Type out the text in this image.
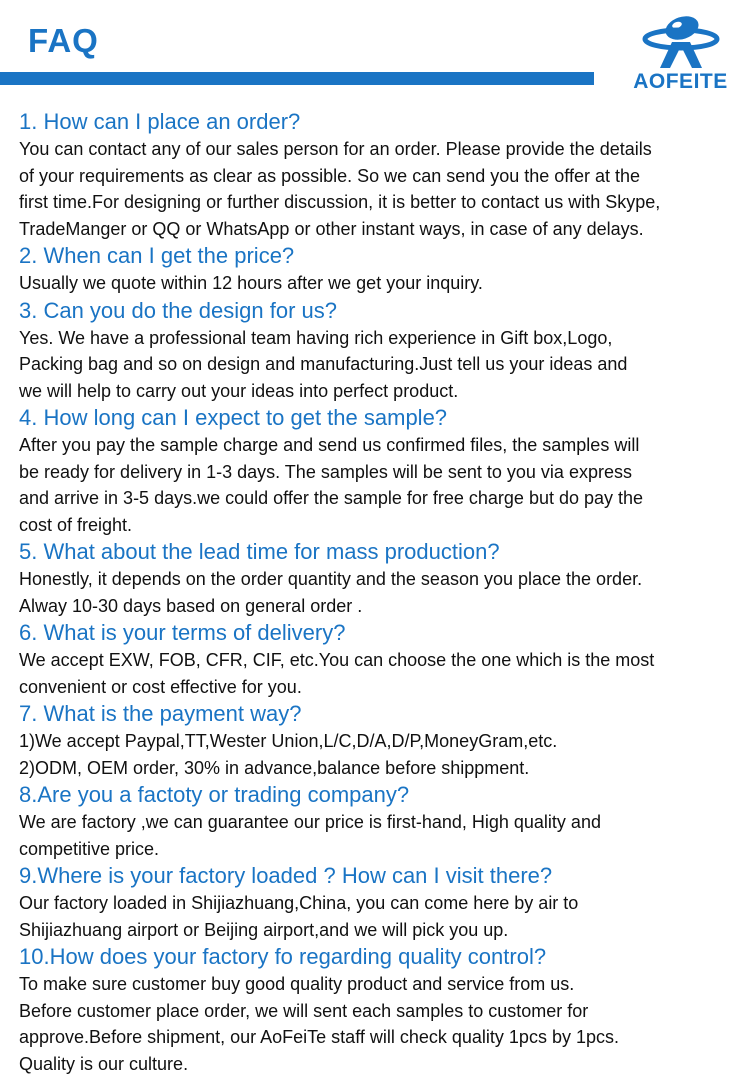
FAQ
AOFEITE
1. How can I place an order?
You can contact any of our sales person for an order. Please provide the details
of your requirements as clear as possible. So we can send you the offer at the
first time.For designing or further discussion, it is better to contact us with Skype,
TradeManger or QQ or WhatsApp or other instant ways, in case of any delays.
2. When can I get the price?
Usually we quote within 12 hours after we get your inquiry.
3. Can you do the design for us?
Yes. We have a professional team having rich experience in Gift box,Logo,
Packing bag and so on design and manufacturing.Just tell us your ideas and
we will help to carry out your ideas into perfect product.
4. How long can I expect to get the sample?
After you pay the sample charge and send us confirmed files, the samples will
be ready for delivery in 1-3 days. The samples will be sent to you via express
and arrive in 3-5 days.we could offer the sample for free charge but do pay the
cost of freight.
5. What about the lead time for mass production?
Honestly, it depends on the order quantity and the season you place the order.
Alway 10-30 days based on general order .
6. What is your terms of delivery?
We accept EXW, FOB, CFR, CIF, etc.You can choose the one which is the most
convenient or cost effective for you.
7. What is the payment way?
1)We accept Paypal,TT,Wester Union,L/C,D/A,D/P,MoneyGram,etc.
2)ODM, OEM order, 30% in advance,balance before shippment.
8.Are you a factoty or trading company?
We are factory ,we can guarantee our price is first-hand, High quality and
competitive price.
9.Where is your factory loaded ? How can I visit there?
Our factory loaded in Shijiazhuang,China, you can come here by air to
Shijiazhuang airport or Beijing airport,and we will pick you up.
10.How does your factory fo regarding quality control?
To make sure customer buy good quality product and service from us.
Before customer place order, we will sent each samples to customer for
approve.Before shipment, our AoFeiTe staff will check quality 1pcs by 1pcs.
Quality is our culture.
